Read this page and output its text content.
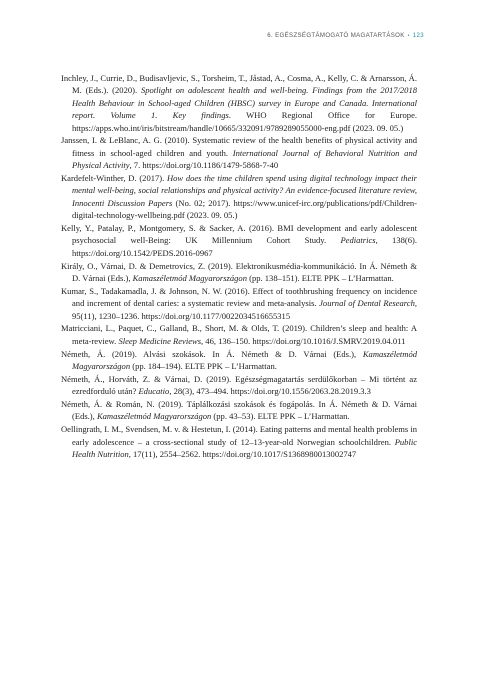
6. EGÉSZSÉGTÁMOGATÓ MAGATARTÁSOK • 123
Inchley, J., Currie, D., Budisavljevic, S., Torsheim, T., Jåstad, A., Cosma, A., Kelly, C. & Arnarsson, Á. M. (Eds.). (2020). Spotlight on adolescent health and well-being. Findings from the 2017/2018 Health Behaviour in School-aged Children (HBSC) survey in Europe and Canada. International report. Volume 1. Key findings. WHO Regional Office for Europe. https://apps.who.int/iris/bitstream/handle/10665/332091/9789289055000-eng.pdf (2023. 09. 05.)
Janssen, I. & LeBlanc, A. G. (2010). Systematic review of the health benefits of physical activity and fitness in school-aged children and youth. International Journal of Behavioral Nutrition and Physical Activity, 7. https://doi.org/10.1186/1479-5868-7-40
Kardefelt-Winther, D. (2017). How does the time children spend using digital technology impact their mental well-being, social relationships and physical activity? An evidence-focused literature review, Innocenti Discussion Papers (No. 02; 2017). https://www.unicef-irc.org/publications/pdf/Children-digital-technology-wellbeing.pdf (2023. 09. 05.)
Kelly, Y., Patalay, P., Montgomery, S. & Sacker, A. (2016). BMI development and early adolescent psychosocial well-Being: UK Millennium Cohort Study. Pediatrics, 138(6). https://doi.org/10.1542/PEDS.2016-0967
Király, O., Várnai, D. & Demetrovics, Z. (2019). Elektronikusmédia-kommunikáció. In Á. Németh & D. Várnai (Eds.), Kamaszéletmód Magyarországon (pp. 138–151). ELTE PPK – L’Harmattan.
Kumar, S., Tadakamadla, J. & Johnson, N. W. (2016). Effect of toothbrushing frequency on incidence and increment of dental caries: a systematic review and meta-analysis. Journal of Dental Research, 95(11), 1230–1236. https://doi.org/10.1177/0022034516655315
Matricciani, L., Paquet, C., Galland, B., Short, M. & Olds, T. (2019). Children’s sleep and health: A meta-review. Sleep Medicine Reviews, 46, 136–150. https://doi.org/10.1016/J.SMRV.2019.04.011
Németh, Á. (2019). Alvási szokások. In Á. Németh & D. Várnai (Eds.), Kamaszéletmód Magyarországon (pp. 184–194). ELTE PPK – L’Harmattan.
Németh, Á., Horváth, Z. & Várnai, D. (2019). Egészségmagatartás serdülőkorban – Mi történt az ezredforduló után? Educatio, 28(3), 473–494. https://doi.org/10.1556/2063.28.2019.3.3
Németh, Á. & Román, N. (2019). Táplálkozási szokások és fogápolás. In Á. Németh & D. Várnai (Eds.), Kamaszéletmód Magyarországon (pp. 43–53). ELTE PPK – L’Harmattan.
Oellingrath, I. M., Svendsen, M. v. & Hestetun, I. (2014). Eating patterns and mental health problems in early adolescence – a cross-sectional study of 12–13-year-old Norwegian schoolchildren. Public Health Nutrition, 17(11), 2554–2562. https://doi.org/10.1017/S1368980013002747
